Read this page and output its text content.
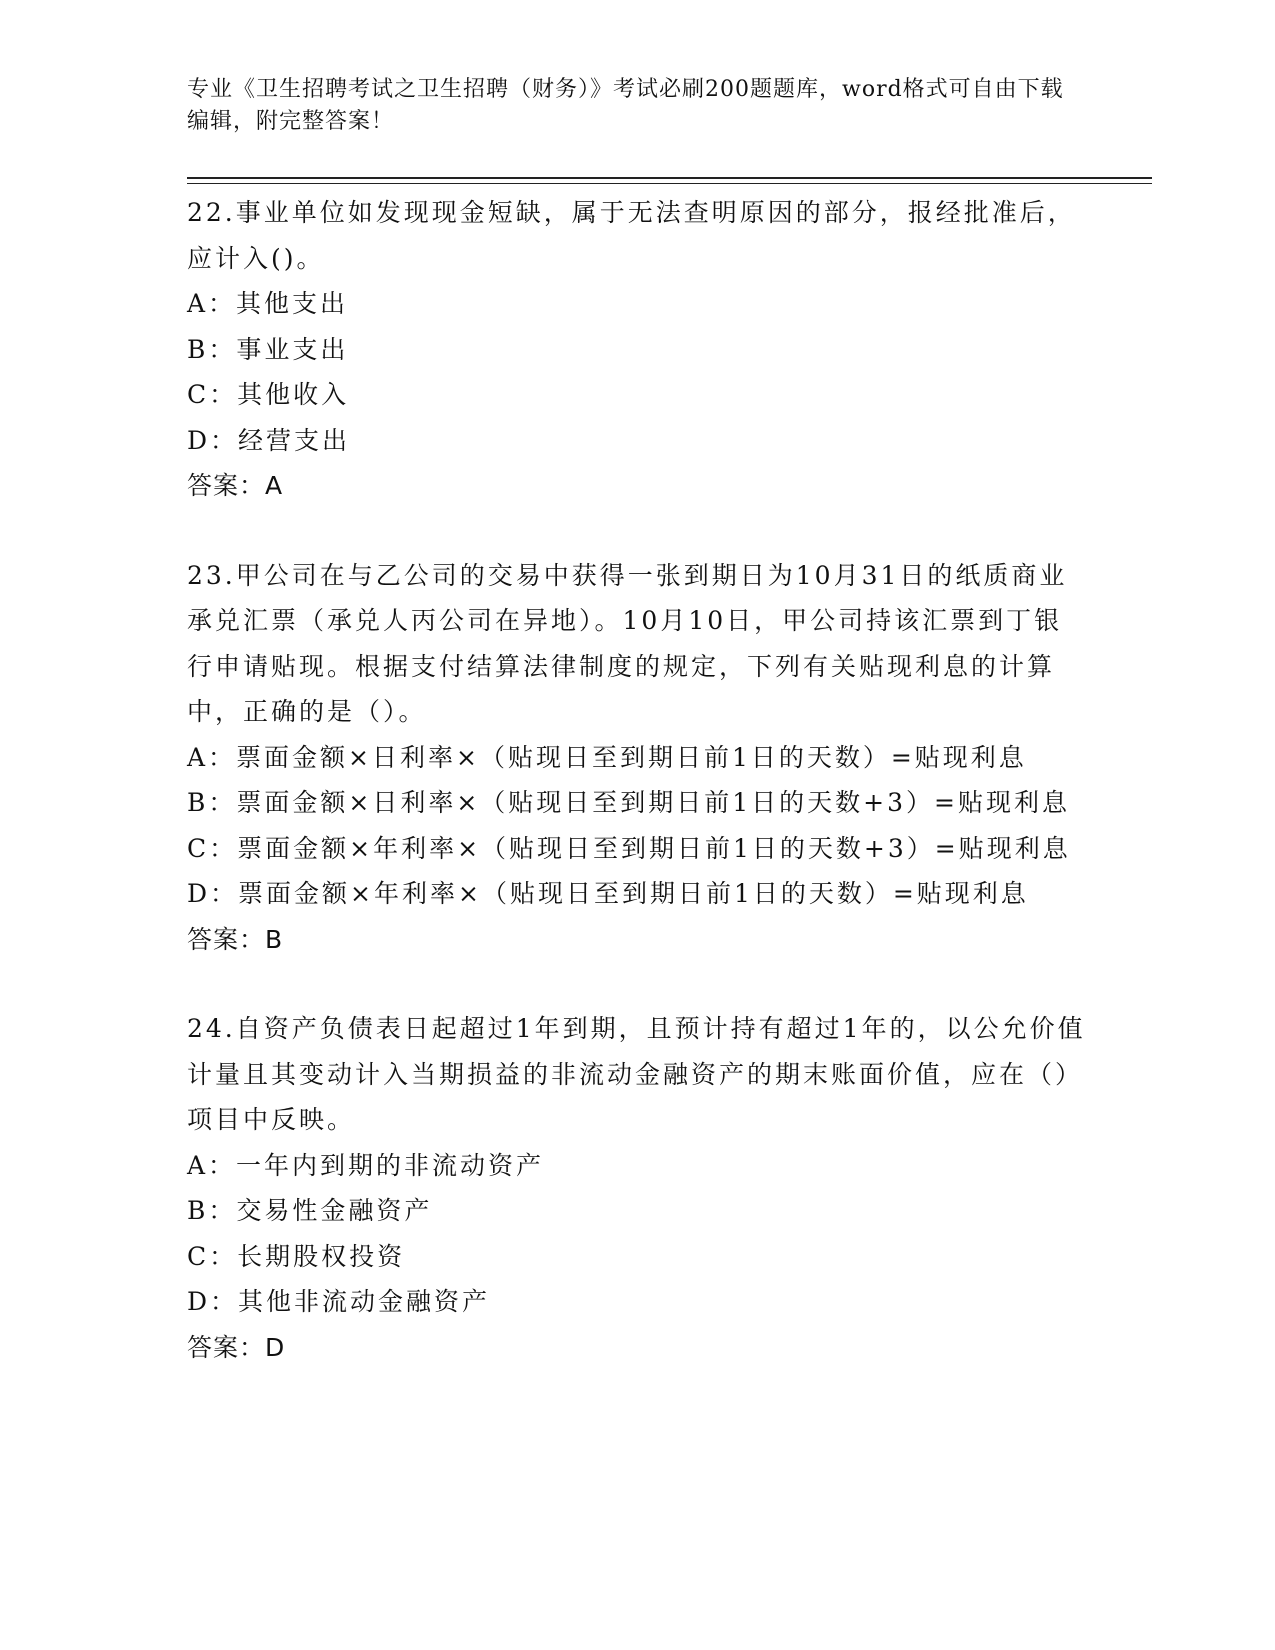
专业《卫生招聘考试之卫生招聘（财务）》考试必刷200题题库，word格式可自由下载编辑，附完整答案！
22.事业单位如发现现金短缺，属于无法查明原因的部分，报经批准后，应计入()。
A：其他支出
B：事业支出
C：其他收入
D：经营支出
答案：A
23.甲公司在与乙公司的交易中获得一张到期日为10月31日的纸质商业承兑汇票（承兑人丙公司在异地）。10月10日，甲公司持该汇票到丁银行申请贴现。根据支付结算法律制度的规定，下列有关贴现利息的计算中，正确的是（）。
A：票面金额×日利率×（贴现日至到期日前1日的天数）=贴现利息
B：票面金额×日利率×（贴现日至到期日前1日的天数+3）=贴现利息
C：票面金额×年利率×（贴现日至到期日前1日的天数+3）=贴现利息
D：票面金额×年利率×（贴现日至到期日前1日的天数）=贴现利息
答案：B
24.自资产负债表日起超过1年到期，且预计持有超过1年的，以公允价值计量且其变动计入当期损益的非流动金融资产的期末账面价值，应在（）项目中反映。
A：一年内到期的非流动资产
B：交易性金融资产
C：长期股权投资
D：其他非流动金融资产
答案：D
